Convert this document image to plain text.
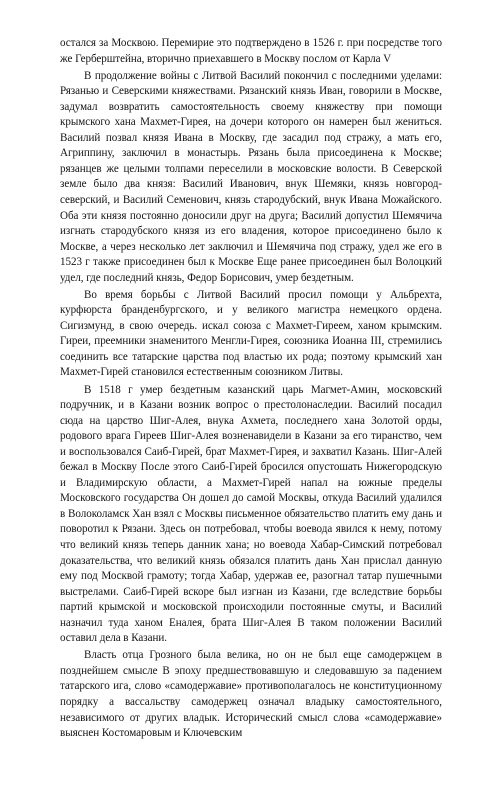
остался за Москвою. Перемирие это подтверждено в 1526 г. при посредстве того же Герберштейна, вторично приехавшего в Москву послом от Карла V

В продолжение войны с Литвой Василий покончил с последними уделами: Рязанью и Северскими княжествами. Рязанский князь Иван, говорили в Москве, задумал возвратить самостоятельность своему княжеству при помощи крымского хана Махмет-Гирея, на дочери которого он намерен был жениться. Василий позвал князя Ивана в Москву, где засадил под стражу, а мать его, Агриппину, заключил в монастырь. Рязань была присоединена к Москве; рязанцев же целыми толпами переселили в московские волости. В Северской земле было два князя: Василий Иванович, внук Шемяки, князь новгород-северский, и Василий Семенович, князь стародубский, внук Ивана Можайского. Оба эти князя постоянно доносили друг на друга; Василий допустил Шемячича изгнать стародубского князя из его владения, которое присоединено было к Москве, а через несколько лет заключил и Шемячича под стражу, удел же его в 1523 г также присоединен был к Москве Еще ранее присоединен был Волоцкий удел, где последний князь, Федор Борисович, умер бездетным.

Во время борьбы с Литвой Василий просил помощи у Альбрехта, курфюрста бранденбургского, и у великого магистра немецкого ордена. Сигизмунд, в свою очередь. искал союза с Махмет-Гиреем, ханом крымским. Гиреи, преемники знаменитого Менгли-Гирея, союзника Иоанна III, стремились соединить все татарские царства под властью их рода; поэтому крымский хан Махмет-Гирей становился естественным союзником Литвы.

В 1518 г умер бездетным казанский царь Магмет-Амин, московский подручник, и в Казани возник вопрос о престолонаследии. Василий посадил сюда на царство Шиг-Алея, внука Ахмета, последнего хана Золотой орды, родового врага Гиреев Шиг-Алея возненавидели в Казани за его тиранство, чем и воспользовался Саиб-Гирей, брат Махмет-Гирея, и захватил Казань. Шиг-Алей бежал в Москву После этого Саиб-Гирей бросился опустошать Нижегородскую и Владимирскую области, а Махмет-Гирей напал на южные пределы Московского государства Он дошел до самой Москвы, откуда Василий удалился в Волоколамск Хан взял с Москвы письменное обязательство платить ему дань и поворотил к Рязани. Здесь он потребовал, чтобы воевода явился к нему, потому что великий князь теперь данник хана; но воевода Хабар-Симский потребовал доказательства, что великий князь обязался платить дань Хан прислал данную ему под Москвой грамоту; тогда Хабар, удержав ее, разогнал татар пушечными выстрелами. Саиб-Гирей вскоре был изгнан из Казани, где вследствие борьбы партий крымской и московской происходили постоянные смуты, и Василий назначил туда ханом Еналея, брата Шиг-Алея В таком положении Василий оставил дела в Казани.

Власть отца Грозного была велика, но он не был еще самодержцем в позднейшем смысле В эпоху предшествовавшую и следовавшую за падением татарского ига, слово «самодержавие» противополагалось не конституционному порядку а вассальству самодержец означал владыку самостоятельного, независимого от других владык. Исторический смысл слова «самодержавие» выяснен Костомаровым и Ключевским
